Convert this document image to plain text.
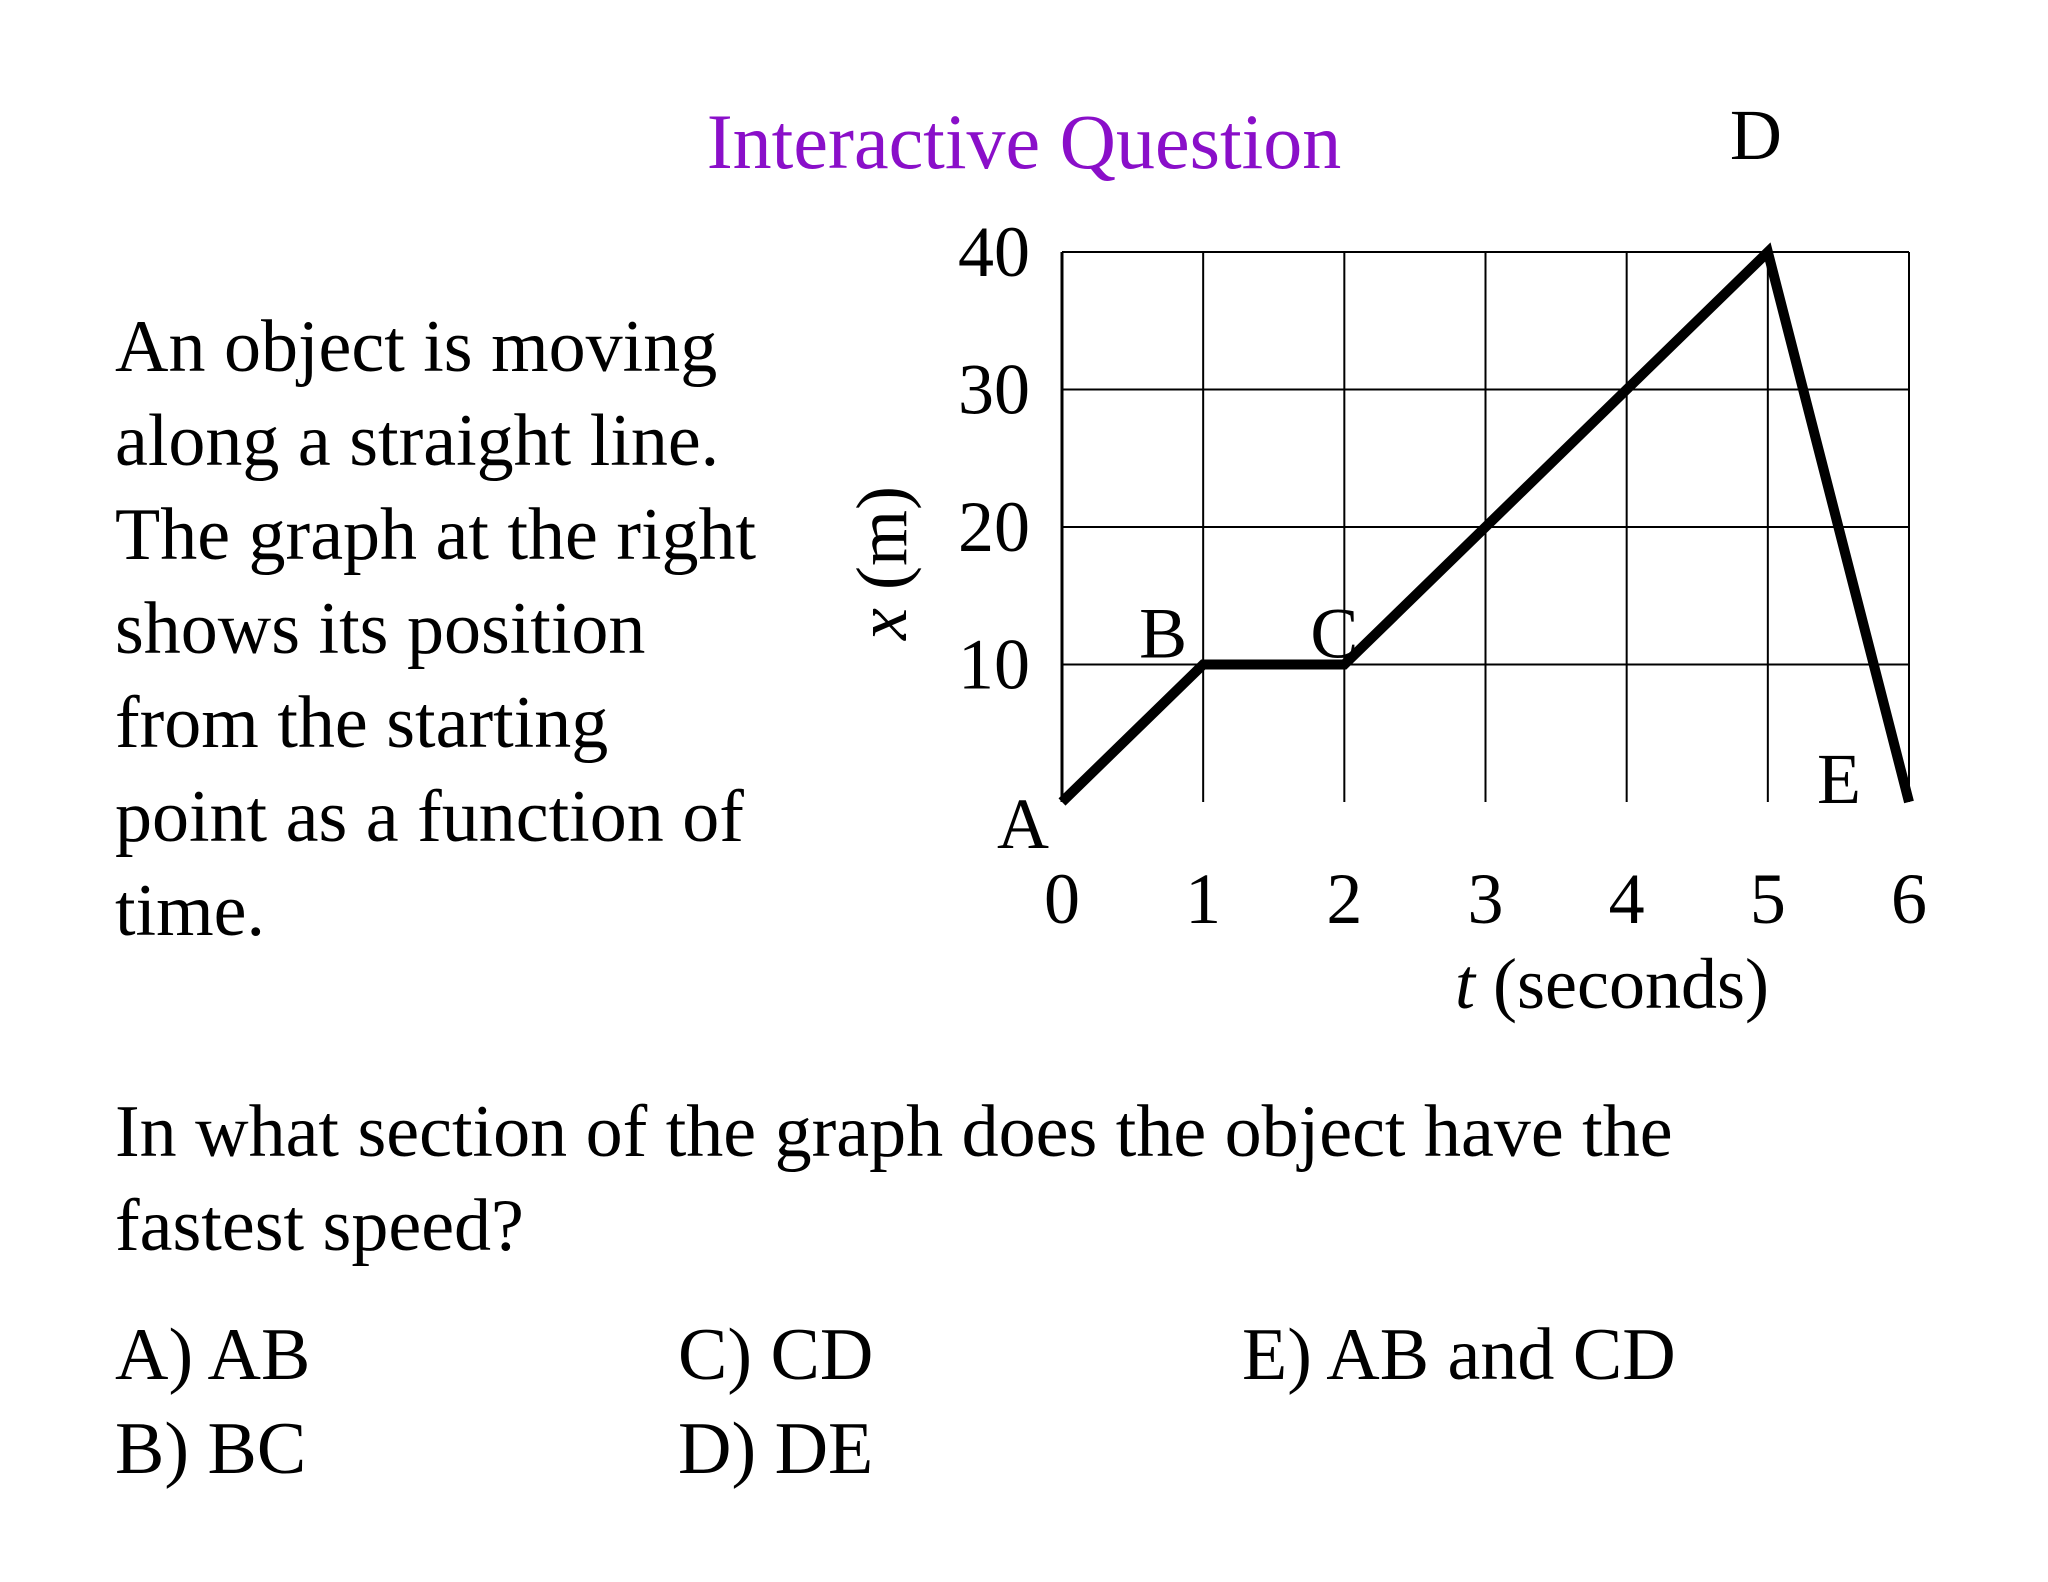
Interactive Question
An object is moving
along a straight line.
The graph at the right
shows its position
from the starting
point as a function of
time.
10
20
30
40
0 1 2 3 4 5 6
t (seconds)
x (m)
A
B C
D
E
In what section of the graph does the object have the
fastest speed?
A) AB
B) BC
C) CD
D) DE
E) AB and CD
